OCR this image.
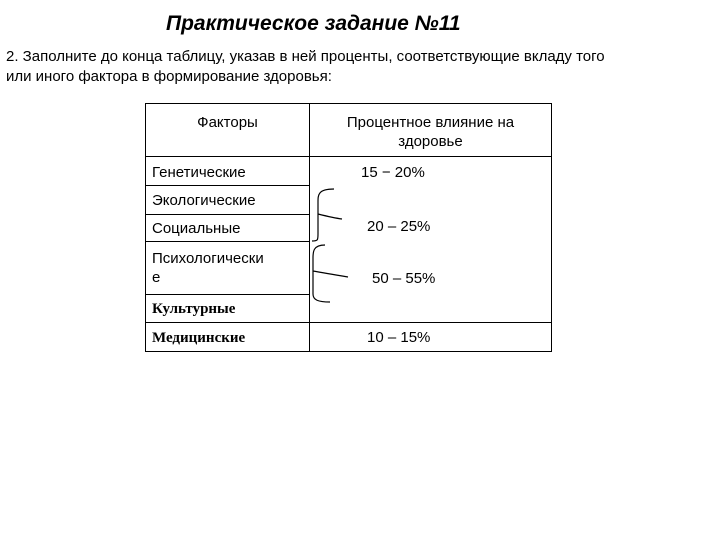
Практическое задание №11
2. Заполните до конца таблицу, указав в ней проценты, соответствующие вкладу того
или иного фактора в формирование здоровья:
Факторы	Процентное влияние на
здоровье
Генетические
Экологические
Социальные
Психологически
е
Культурные
Медицинские
15 − 20%
20 – 25%
50 – 55%
10 – 15%
